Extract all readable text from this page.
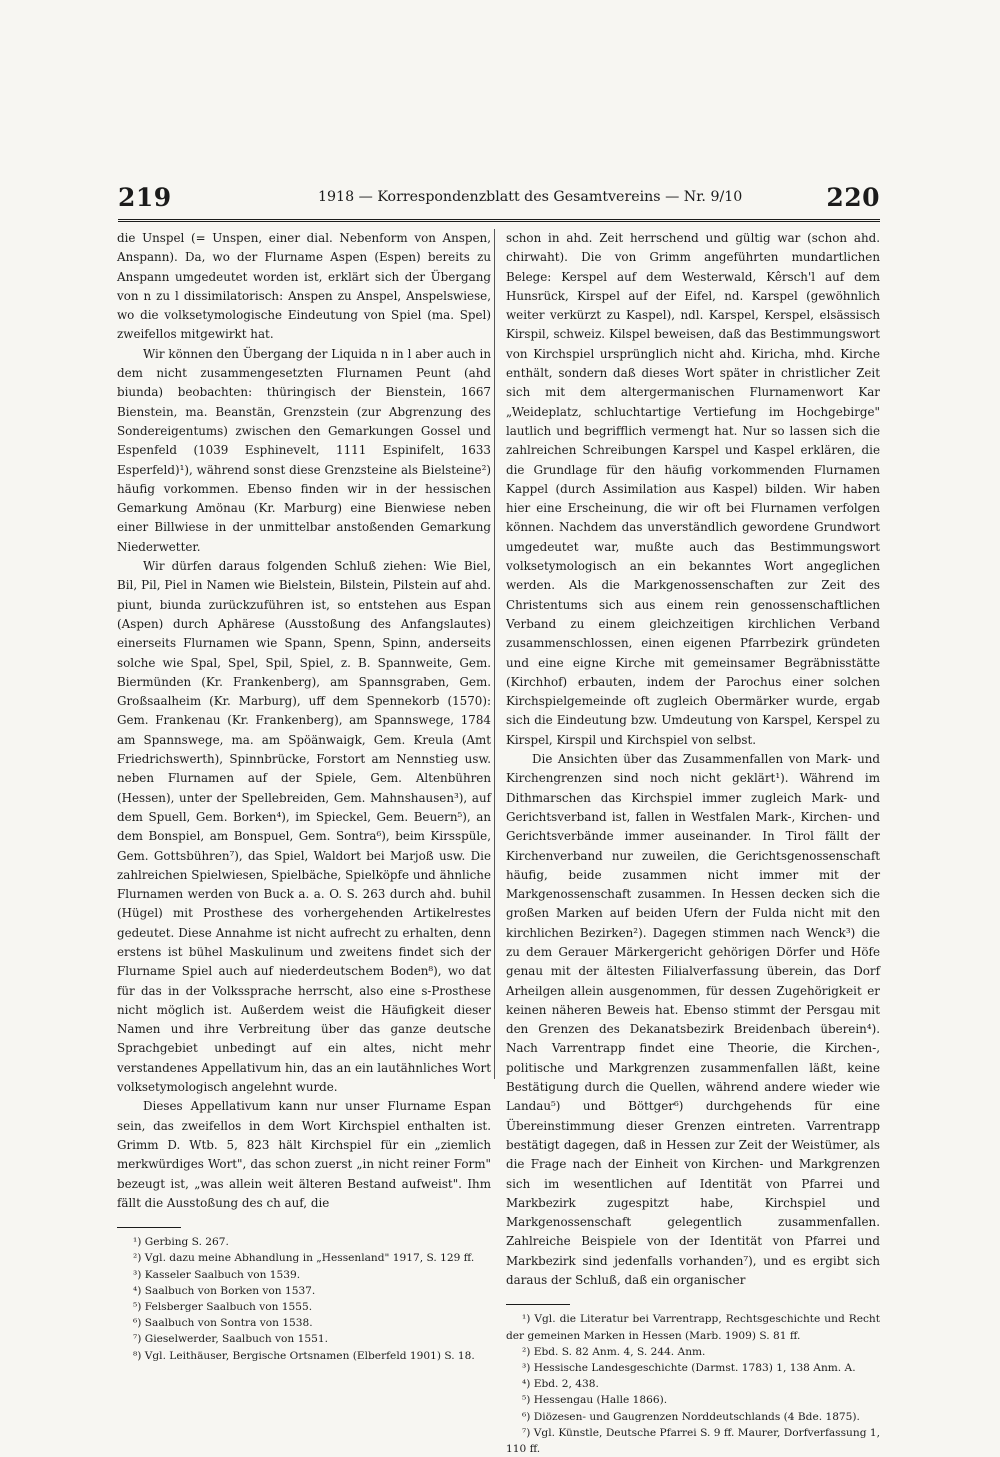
219	1918 — Korrespondenzblatt des Gesamtvereins — Nr. 9/10	220

die Unspel (= Unspen, einer dial. Nebenform von Anspen, Anspann). Da, wo der Flurname Aspen (Espen) bereits zu Anspann umgedeutet worden ist, erklärt sich der Übergang von n zu l dissimilatorisch: Anspen zu Anspel, Anspelswiese, wo die volksetymologische Eindeutung von Spiel (ma. Spel) zweifellos mitgewirkt hat.

Wir können den Übergang der Liquida n in l aber auch in dem nicht zusammengesetzten Flurnamen Peunt (ahd biunda) beobachten: thüringisch der Bienstein, 1667 Bienstein, ma. Beanstän, Grenzstein (zur Abgrenzung des Sondereigentums) zwischen den Gemarkungen Gossel und Espenfeld (1039 Esphinevelt, 1111 Espinifelt, 1633 Esperfeld)¹), während sonst diese Grenzsteine als Bielsteine²) häufig vorkommen. Ebenso finden wir in der hessischen Gemarkung Amönau (Kr. Marburg) eine Bienwiese neben einer Billwiese in der unmittelbar anstoßenden Gemarkung Niederwetter.

Wir dürfen daraus folgenden Schluß ziehen: Wie Biel, Bil, Pil, Piel in Namen wie Bielstein, Bilstein, Pilstein auf ahd. piunt, biunda zurückzuführen ist, so entstehen aus Espan (Aspen) durch Aphärese (Ausstoßung des Anfangslautes) einerseits Flurnamen wie Spann, Spenn, Spinn, anderseits solche wie Spal, Spel, Spil, Spiel, z. B. Spannweite, Gem. Biermünden (Kr. Frankenberg), am Spannsgraben, Gem. Großsaalheim (Kr. Marburg), uff dem Spennekorb (1570): Gem. Frankenau (Kr. Frankenberg), am Spannswege, 1784 am Spannswege, ma. am Spöänwaigk, Gem. Kreula (Amt Friedrichswerth), Spinnbrücke, Forstort am Nennstieg usw. neben Flurnamen auf der Spiele, Gem. Altenbühren (Hessen), unter der Spellebreiden, Gem. Mahnshausen³), auf dem Spuell, Gem. Borken⁴), im Spieckel, Gem. Beuern⁵), an dem Bonspiel, am Bonspuel, Gem. Sontra⁶), beim Kirsspüle, Gem. Gottsbühren⁷), das Spiel, Waldort bei Marjoß usw. Die zahlreichen Spielwiesen, Spielbäche, Spielköpfe und ähnliche Flurnamen werden von Buck a. a. O. S. 263 durch ahd. buhil (Hügel) mit Prosthese des vorhergehenden Artikelrestes gedeutet. Diese Annahme ist nicht aufrecht zu erhalten, denn erstens ist bühel Maskulinum und zweitens findet sich der Flurname Spiel auch auf niederdeutschem Boden⁸), wo dat für das in der Volkssprache herrscht, also eine s-Prosthese nicht möglich ist. Außerdem weist die Häufigkeit dieser Namen und ihre Verbreitung über das ganze deutsche Sprachgebiet unbedingt auf ein altes, nicht mehr verstandenes Appellativum hin, das an ein lautähnliches Wort volksetymologisch angelehnt wurde.

Dieses Appellativum kann nur unser Flurname Espan sein, das zweifellos in dem Wort Kirchspiel enthalten ist. Grimm D. Wtb. 5, 823 hält Kirchspiel für ein „ziemlich merkwürdiges Wort", das schon zuerst „in nicht reiner Form" bezeugt ist, „was allein weit älteren Bestand aufweist". Ihm fällt die Ausstoßung des ch auf, die

¹) Gerbing S. 267.

²) Vgl. dazu meine Abhandlung in „Hessenland" 1917, S. 129 ff.

³) Kasseler Saalbuch von 1539.

⁴) Saalbuch von Borken von 1537.

⁵) Felsberger Saalbuch von 1555.

⁶) Saalbuch von Sontra von 1538.

⁷) Gieselwerder, Saalbuch von 1551.

⁸) Vgl. Leithäuser, Bergische Ortsnamen (Elberfeld 1901) S. 18.

schon in ahd. Zeit herrschend und gültig war (schon ahd. chirwaht). Die von Grimm angeführten mundartlichen Belege: Kerspel auf dem Westerwald, Kêrsch'l auf dem Hunsrück, Kirspel auf der Eifel, nd. Karspel (gewöhnlich weiter verkürzt zu Kaspel), ndl. Karspel, Kerspel, elsässisch Kirspil, schweiz. Kilspel beweisen, daß das Bestimmungswort von Kirchspiel ursprünglich nicht ahd. Kiricha, mhd. Kirche enthält, sondern daß dieses Wort später in christlicher Zeit sich mit dem altergermanischen Flurnamenwort Kar „Weideplatz, schluchtartige Vertiefung im Hochgebirge" lautlich und begrifflich vermengt hat. Nur so lassen sich die zahlreichen Schreibungen Karspel und Kaspel erklären, die die Grundlage für den häufig vorkommenden Flurnamen Kappel (durch Assimilation aus Kaspel) bilden. Wir haben hier eine Erscheinung, die wir oft bei Flurnamen verfolgen können. Nachdem das unverständlich gewordene Grundwort umgedeutet war, mußte auch das Bestimmungswort volksetymologisch an ein bekanntes Wort angeglichen werden. Als die Markgenossenschaften zur Zeit des Christentums sich aus einem rein genossenschaftlichen Verband zu einem gleichzeitigen kirchlichen Verband zusammenschlossen, einen eigenen Pfarrbezirk gründeten und eine eigne Kirche mit gemeinsamer Begräbnisstätte (Kirchhof) erbauten, indem der Parochus einer solchen Kirchspielgemeinde oft zugleich Obermärker wurde, ergab sich die Eindeutung bzw. Umdeutung von Karspel, Kerspel zu Kirspel, Kirspil und Kirchspiel von selbst.

Die Ansichten über das Zusammenfallen von Mark- und Kirchengrenzen sind noch nicht geklärt¹). Während im Dithmarschen das Kirchspiel immer zugleich Mark- und Gerichtsverband ist, fallen in Westfalen Mark-, Kirchen- und Gerichtsverbände immer auseinander. In Tirol fällt der Kirchenverband nur zuweilen, die Gerichtsgenossenschaft häufig, beide zusammen nicht immer mit der Markgenossenschaft zusammen. In Hessen decken sich die großen Marken auf beiden Ufern der Fulda nicht mit den kirchlichen Bezirken²). Dagegen stimmen nach Wenck³) die zu dem Gerauer Märkergericht gehörigen Dörfer und Höfe genau mit der ältesten Filialverfassung überein, das Dorf Arheilgen allein ausgenommen, für dessen Zugehörigkeit er keinen näheren Beweis hat. Ebenso stimmt der Persgau mit den Grenzen des Dekanatsbezirk Breidenbach überein⁴). Nach Varrentrapp findet eine Theorie, die Kirchen-, politische und Markgrenzen zusammenfallen läßt, keine Bestätigung durch die Quellen, während andere wieder wie Landau⁵) und Böttger⁶) durchgehends für eine Übereinstimmung dieser Grenzen eintreten. Varrentrapp bestätigt dagegen, daß in Hessen zur Zeit der Weistümer, als die Frage nach der Einheit von Kirchen- und Markgrenzen sich im wesentlichen auf Identität von Pfarrei und Markbezirk zugespitzt habe, Kirchspiel und Markgenossenschaft gelegentlich zusammenfallen. Zahlreiche Beispiele von der Identität von Pfarrei und Markbezirk sind jedenfalls vorhanden⁷), und es ergibt sich daraus der Schluß, daß ein organischer

¹) Vgl. die Literatur bei Varrentrapp, Rechtsgeschichte und Recht der gemeinen Marken in Hessen (Marb. 1909) S. 81 ff.

²) Ebd. S. 82 Anm. 4, S. 244. Anm.

³) Hessische Landesgeschichte (Darmst. 1783) 1, 138 Anm. A.

⁴) Ebd. 2, 438.

⁵) Hessengau (Halle 1866).

⁶) Diözesen- und Gaugrenzen Norddeutschlands (4 Bde. 1875).

⁷) Vgl. Künstle, Deutsche Pfarrei S. 9 ff. Maurer, Dorfverfassung 1, 110 ff.
